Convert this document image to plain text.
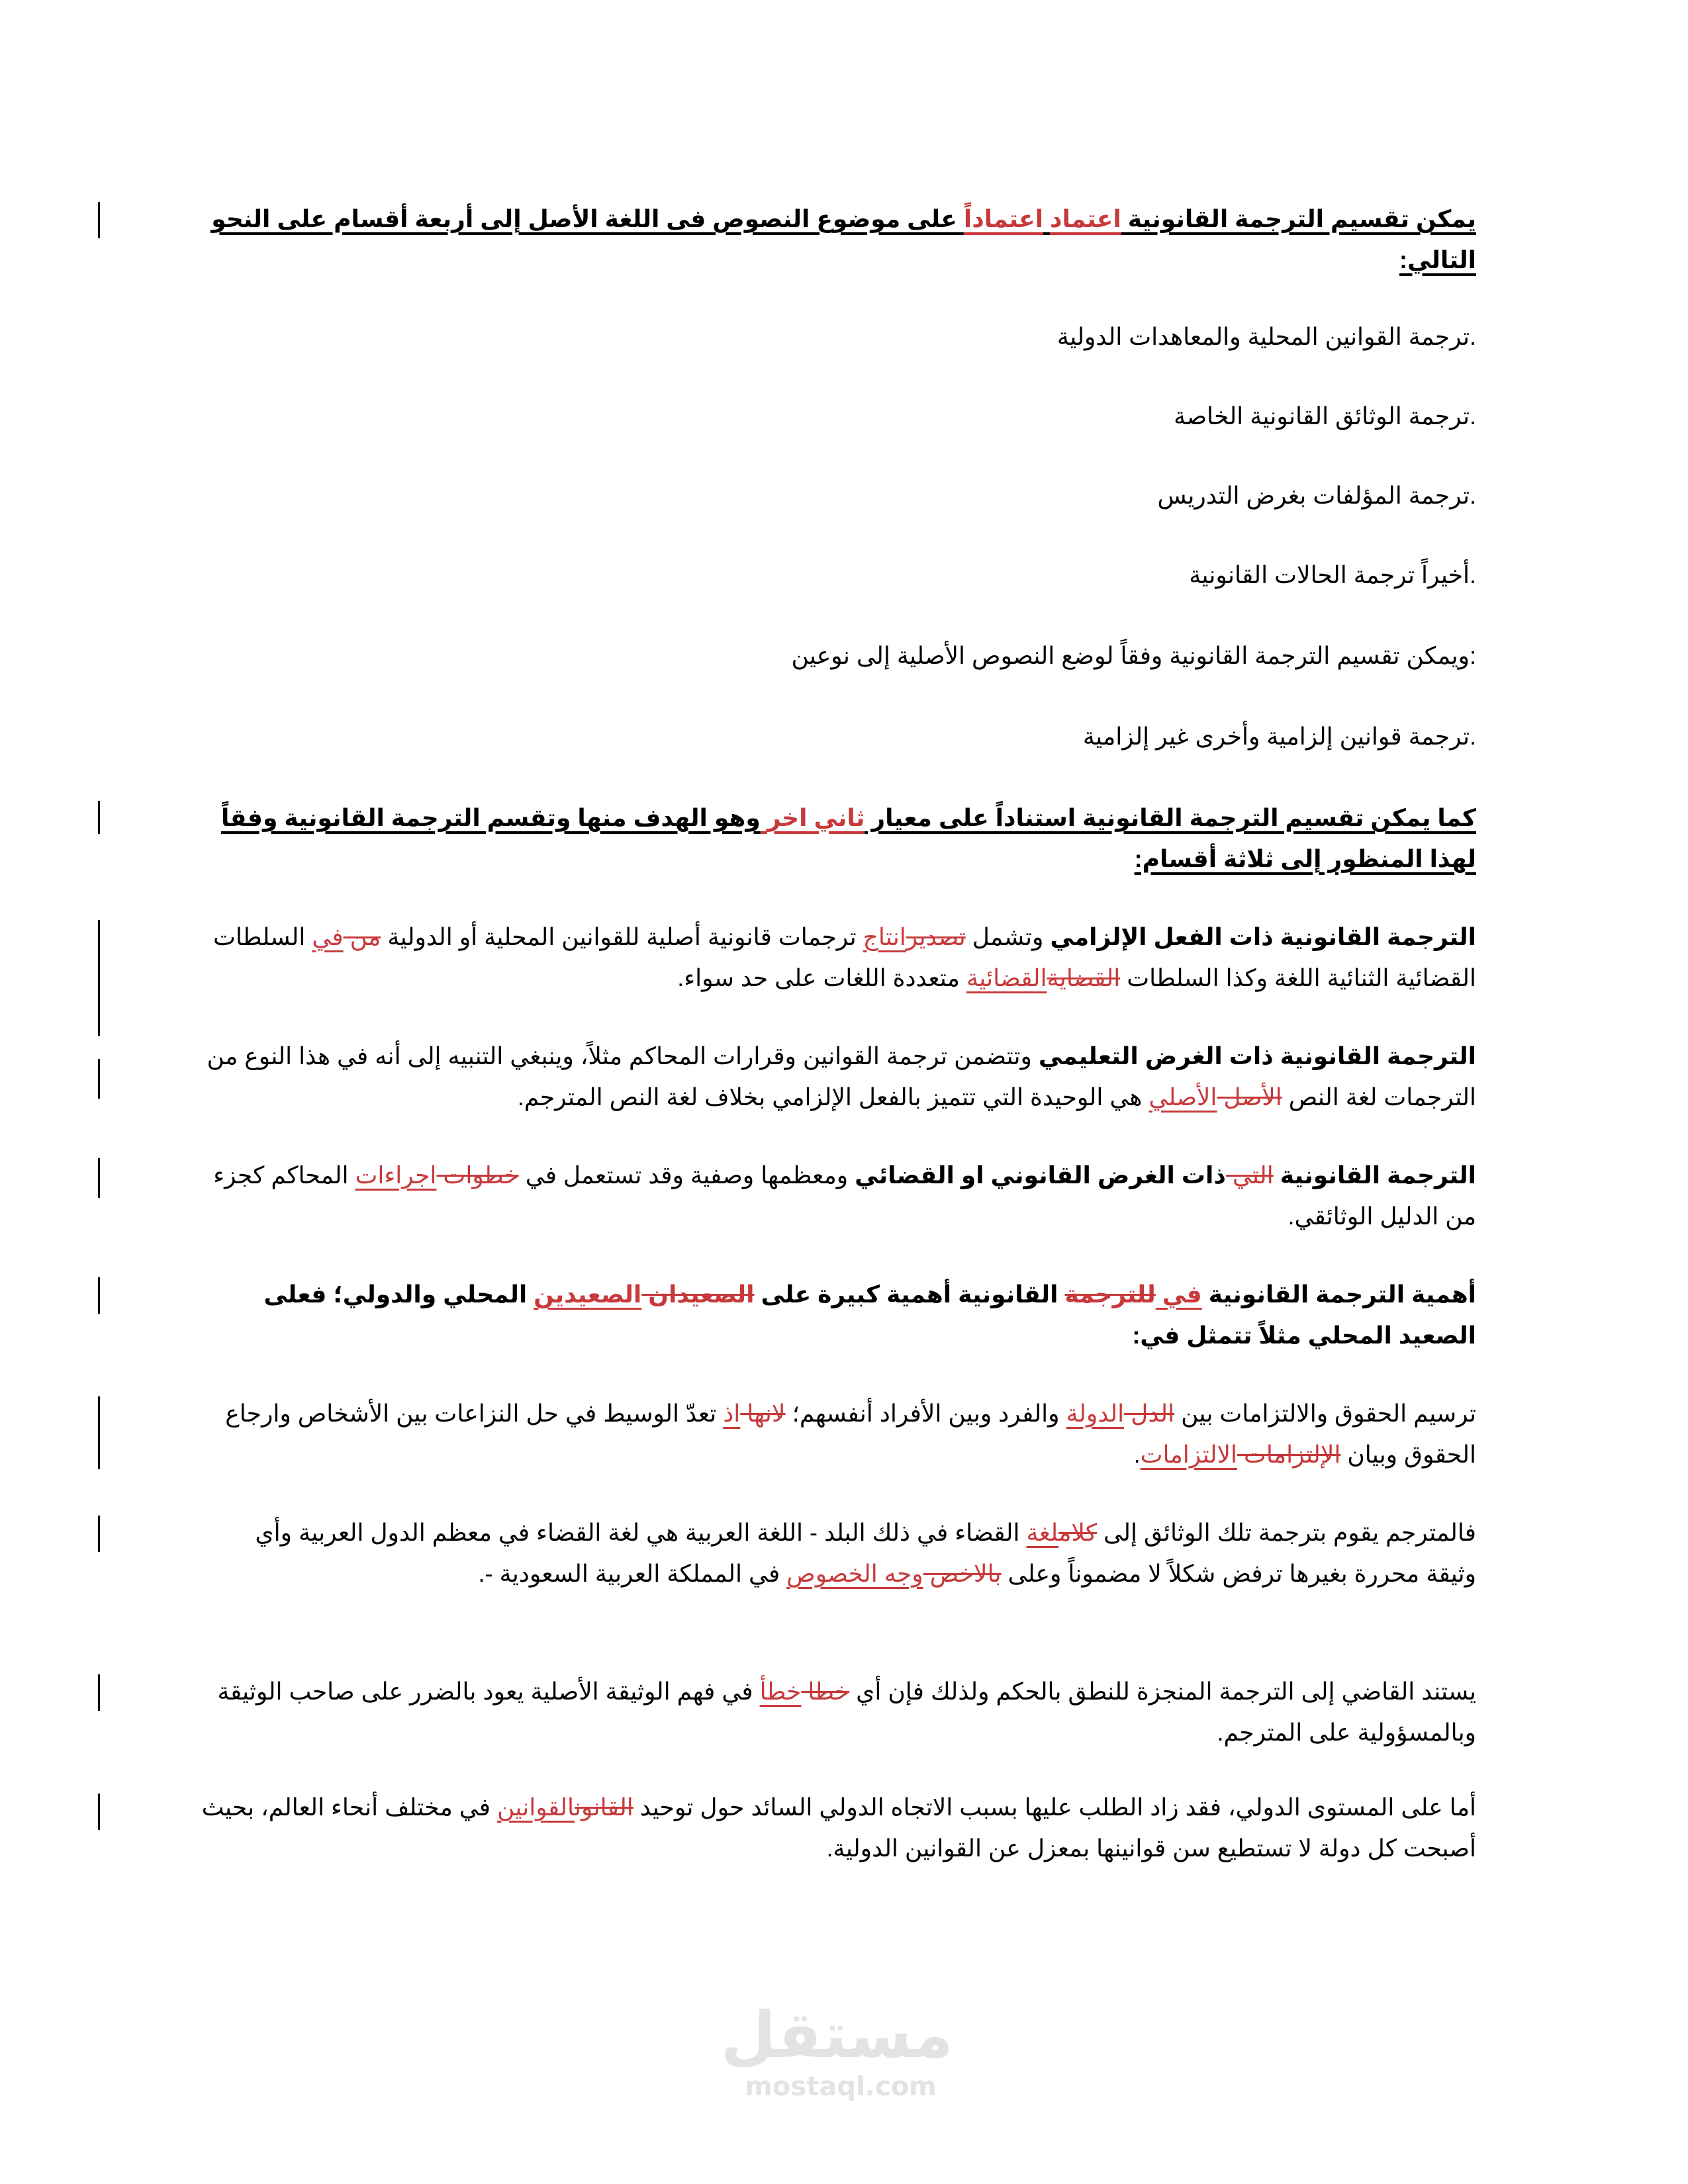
يمكن تقسيم الترجمة القانونية اعتماد اعتماداً على موضوع النصوص فى اللغة الأصل إلى أربعة أقسام على النحو التالي:
.ترجمة القوانين المحلية والمعاهدات الدولية
.ترجمة الوثائق القانونية الخاصة
.ترجمة المؤلفات بغرض التدريس
.أخيراً ترجمة الحالات القانونية
:ويمكن تقسيم الترجمة القانونية وفقاً لوضع النصوص الأصلية إلى نوعين
.ترجمة قوانين إلزامية وأخرى غير إلزامية
كما يمكن تقسيم الترجمة القانونية استناداً على معيار ثاني اخر وهو الهدف منها وتقسم الترجمة القانونية وفقاً لهذا المنظور إلى ثلاثة أقسام:
الترجمة القانونية ذات الفعل الإلزامي وتشمل تصديرانتاج ترجمات قانونية أصلية للقوانين المحلية أو الدولية من في السلطات القضائية الثنائية اللغة وكذا السلطات القضايةالقضائية متعددة اللغات على حد سواء.
الترجمة القانونية ذات الغرض التعليمي وتتضمن ترجمة القوانين وقرارات المحاكم مثلاً، وينبغي التنبيه إلى أنه في هذا النوع من الترجمات لغة النص الأصل الأصلي هي الوحيدة التي تتميز بالفعل الإلزامي بخلاف لغة النص المترجم.
الترجمة القانونية التي ذات الغرض القانوني او القضائي ومعظمها وصفية وقد تستعمل في خطوات اجراءات المحاكم كجزء من الدليل الوثائقي.
أهمية الترجمة القانونية في للترجمة القانونية أهمية كبيرة على الصعيدان الصعيدين المحلي والدولي؛ فعلى الصعيد المحلي مثلاً تتمثل في:
ترسيم الحقوق والالتزامات بين الدل الدولة والفرد وبين الأفراد أنفسهم؛ لانها اذ تعدّ الوسيط في حل النزاعات بين الأشخاص وارجاع الحقوق وبيان الإلتزامات الالتزامات.
فالمترجم يقوم بترجمة تلك الوثائق إلى كلاملغة القضاء في ذلك البلد - اللغة العربية هي لغة القضاء في معظم الدول العربية وأي وثيقة محررة بغيرها ترفض شكلاً لا مضموناً وعلى بالاخص وجه الخصوص في المملكة العربية السعودية -.
يستند القاضي إلى الترجمة المنجزة للنطق بالحكم ولذلك فإن أي خطا خطأ في فهم الوثيقة الأصلية يعود بالضرر على صاحب الوثيقة وبالمسؤولية على المترجم.
أما على المستوى الدولي، فقد زاد الطلب عليها بسبب الاتجاه الدولي السائد حول توحيد القانونالقوانين في مختلف أنحاء العالم، بحيث أصبحت كل دولة لا تستطيع سن قوانينها بمعزل عن القوانين الدولية.
مستقل
mostaql.com
